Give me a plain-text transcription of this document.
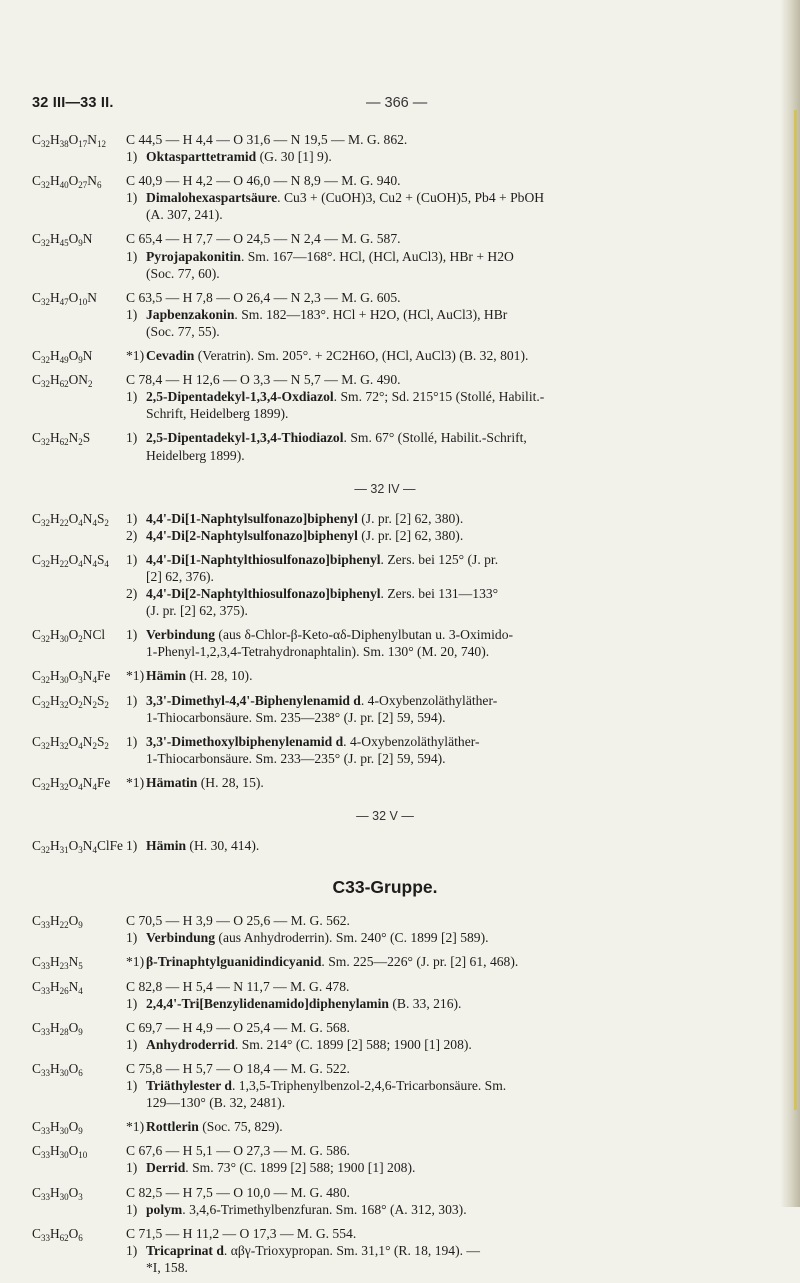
32 III—33 II.	— 366 —
$C_{32}H_{38}O_{17}N_{12}$	C 44,5 — H 4,4 — O 31,6 — N 19,5 — M. G. 862.
1) Oktasparttetramid (G. 30 [1] 9).
$C_{32}H_{40}O_{27}N_6$	C 40,9 — H 4,2 — O 46,0 — N 8,9 — M. G. 940.
1) Dimalohexaspartsäure. Cu3 + (CuOH)3, Cu2 + (CuOH)5, Pb4 + PbOH
(A. 307, 241).
$C_{32}H_{45}O_9N$	C 65,4 — H 7,7 — O 24,5 — N 2,4 — M. G. 587.
1) Pyrojapakonitin. Sm. 167—168°. HCl, (HCl, AuCl3), HBr + H2O
(Soc. 77, 60).
$C_{32}H_{47}O_{10}N$	C 63,5 — H 7,8 — O 26,4 — N 2,3 — M. G. 605.
1) Japbenzakonin. Sm. 182—183°. HCl + H2O, (HCl, AuCl3), HBr
(Soc. 77, 55).
$C_{32}H_{49}O_9N$	*1) Cevadin (Veratrin). Sm. 205°. + 2C2H6O, (HCl, AuCl3) (B. 32, 801).
$C_{32}H_{62}ON_2$	C 78,4 — H 12,6 — O 3,3 — N 5,7 — M. G. 490.
1) 2,5-Dipentadekyl-1,3,4-Oxdiazol. Sm. 72°; Sd. 215°15 (Stollé, Habilit.-
Schrift, Heidelberg 1899).
$C_{32}H_{62}N_2S$	1) 2,5-Dipentadekyl-1,3,4-Thiodiazol. Sm. 67° (Stollé, Habilit.-Schrift,
Heidelberg 1899).
— 32 IV —
$C_{32}H_{22}O_4N_4S_2$	1) 4,4'-Di[1-Naphtylsulfonazo]biphenyl (J. pr. [2] 62, 380).
2) 4,4'-Di[2-Naphtylsulfonazo]biphenyl (J. pr. [2] 62, 380).
$C_{32}H_{22}O_4N_4S_4$	1) 4,4'-Di[1-Naphtylthiosulfonazo]biphenyl. Zers. bei 125° (J. pr.
[2] 62, 376).
2) 4,4'-Di[2-Naphtylthiosulfonazo]biphenyl. Zers. bei 131—133°
(J. pr. [2] 62, 375).
$C_{32}H_{30}O_2NCl$	1) Verbindung (aus δ-Chlor-β-Keto-αδ-Diphenylbutan u. 3-Oximido-
1-Phenyl-1,2,3,4-Tetrahydronaphtalin). Sm. 130° (M. 20, 740).
$C_{32}H_{30}O_3N_4Fe$	*1) Hämin (H. 28, 10).
$C_{32}H_{32}O_2N_2S_2$	1) 3,3'-Dimethyl-4,4'-Biphenylenamid d. 4-Oxybenzoläthyläther-
1-Thiocarbonsäure. Sm. 235—238° (J. pr. [2] 59, 594).
$C_{32}H_{32}O_4N_2S_2$	1) 3,3'-Dimethoxylbiphenylenamid d. 4-Oxybenzoläthyläther-
1-Thiocarbonsäure. Sm. 233—235° (J. pr. [2] 59, 594).
$C_{32}H_{32}O_4N_4Fe$	*1) Hämatin (H. 28, 15).
— 32 V —
$C_{32}H_{31}O_3N_4ClFe$ 1) Hämin (H. 30, 414).
C33-Gruppe.
$C_{33}H_{22}O_9$	C 70,5 — H 3,9 — O 25,6 — M. G. 562.
1) Verbindung (aus Anhydroderrin). Sm. 240° (C. 1899 [2] 589).
$C_{33}H_{23}N_5$	*1) β-Trinaphtylguanidindicyanid. Sm. 225—226° (J. pr. [2] 61, 468).
$C_{33}H_{26}N_4$	C 82,8 — H 5,4 — N 11,7 — M. G. 478.
1) 2,4,4'-Tri[Benzylidenamido]diphenylamin (B. 33, 216).
$C_{33}H_{28}O_9$	C 69,7 — H 4,9 — O 25,4 — M. G. 568.
1) Anhydroderrid. Sm. 214° (C. 1899 [2] 588; 1900 [1] 208).
$C_{33}H_{30}O_6$	C 75,8 — H 5,7 — O 18,4 — M. G. 522.
1) Triäthylester d. 1,3,5-Triphenylbenzol-2,4,6-Tricarbonsäure. Sm.
129—130° (B. 32, 2481).
$C_{33}H_{30}O_9$	*1) Rottlerin (Soc. 75, 829).
$C_{33}H_{30}O_{10}$	C 67,6 — H 5,1 — O 27,3 — M. G. 586.
1) Derrid. Sm. 73° (C. 1899 [2] 588; 1900 [1] 208).
$C_{33}H_{30}O_3$	C 82,5 — H 7,5 — O 10,0 — M. G. 480.
1) polym. 3,4,6-Trimethylbenzfuran. Sm. 168° (A. 312, 303).
$C_{33}H_{62}O_6$	C 71,5 — H 11,2 — O 17,3 — M. G. 554.
1) Tricaprinat d. αβγ-Trioxypropan. Sm. 31,1° (R. 18, 194). —
*I, 158.
